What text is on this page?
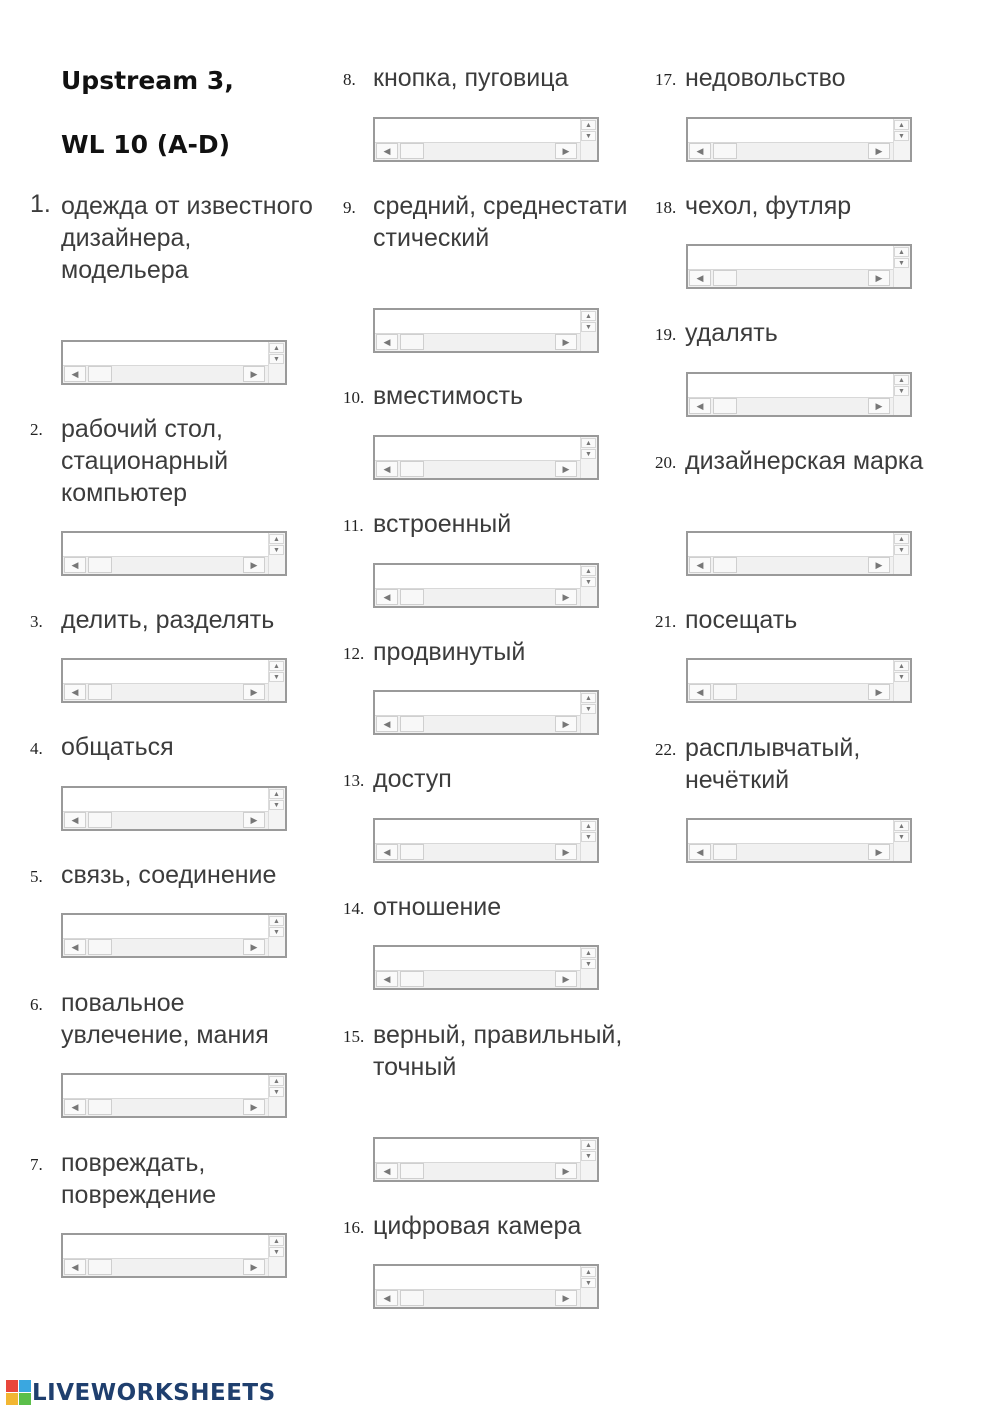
Upstream 3,
WL 10 (A-D)
1. одежда от известного дизайнера, модельера
▲
▼
◀	▶
2. рабочий стол, стационарный компьютер
▲
▼
◀	▶
3. делить, разделять
▲
▼
◀	▶
4. общаться
▲
▼
◀	▶
5. связь, соединение
▲
▼
◀	▶
6. повальное увлечение, мания
▲
▼
◀	▶
7. повреждать, повреждение
▲
▼
◀	▶
8. кнопка, пуговица
▲
▼
◀	▶
9. средний, среднестатистический
▲
▼
◀	▶
10. вместимость
▲
▼
◀	▶
11. встроенный
▲
▼
◀	▶
12. продвинутый
▲
▼
◀	▶
13. доступ
▲
▼
◀	▶
14. отношение
▲
▼
◀	▶
15. верный, правильный, точный
▲
▼
◀	▶
16. цифровая камера
▲
▼
◀	▶
17. недовольство
▲
▼
◀	▶
18. чехол, футляр
▲
▼
◀	▶
19. удалять
▲
▼
◀	▶
20. дизайнерская марка
▲
▼
◀	▶
21. посещать
▲
▼
◀	▶
22. расплывчатый, нечёткий
▲
▼
◀	▶
LIVEWORKSHEETS
